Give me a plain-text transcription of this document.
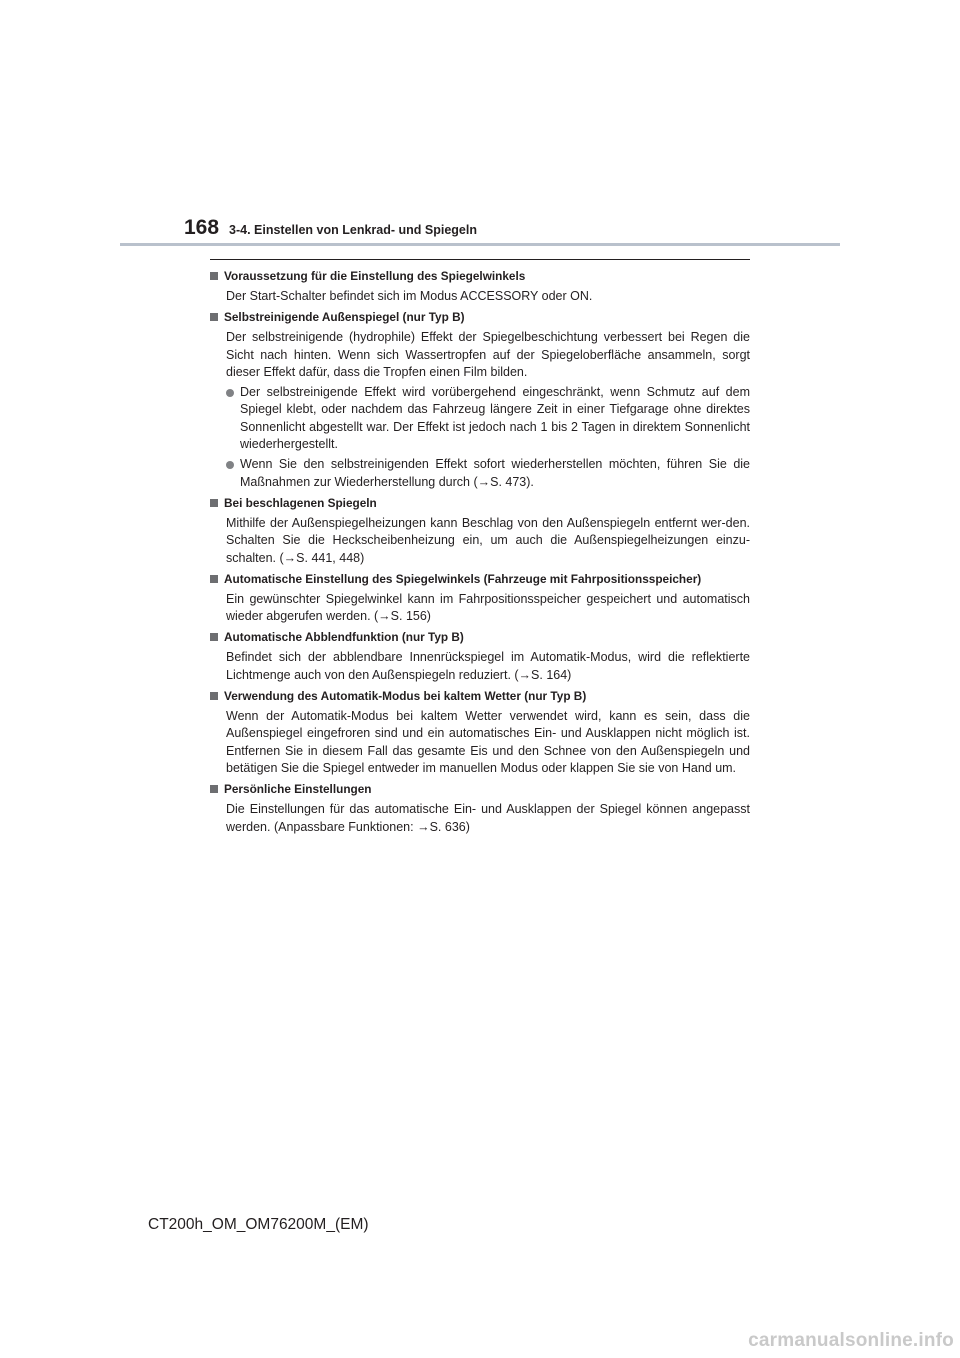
168 3-4. Einstellen von Lenkrad- und Spiegeln
Voraussetzung für die Einstellung des Spiegelwinkels

Der Start-Schalter befindet sich im Modus ACCESSORY oder ON.

Selbstreinigende Außenspiegel (nur Typ B)

Der selbstreinigende (hydrophile) Effekt der Spiegelbeschichtung verbessert bei Regen die Sicht nach hinten. Wenn sich Wassertropfen auf der Spiegeloberfläche ansammeln, sorgt dieser Effekt dafür, dass die Tropfen einen Film bilden.

Der selbstreinigende Effekt wird vorübergehend eingeschränkt, wenn Schmutz auf dem Spiegel klebt, oder nachdem das Fahrzeug längere Zeit in einer Tiefgarage ohne direktes Sonnenlicht abgestellt war. Der Effekt ist jedoch nach 1 bis 2 Tagen in direktem Sonnenlicht wiederhergestellt.
Wenn Sie den selbstreinigenden Effekt sofort wiederherstellen möchten, führen Sie die Maßnahmen zur Wiederherstellung durch (→S. 473).
Bei beschlagenen Spiegeln

Mithilfe der Außenspiegelheizungen kann Beschlag von den Außenspiegeln entfernt wer-den. Schalten Sie die Heckscheibenheizung ein, um auch die Außenspiegelheizungen einzu-schalten. (→S. 441, 448)

Automatische Einstellung des Spiegelwinkels (Fahrzeuge mit Fahrpositionsspeicher)

Ein gewünschter Spiegelwinkel kann im Fahrpositionsspeicher gespeichert und automatisch wieder abgerufen werden. (→S. 156)

Automatische Abblendfunktion (nur Typ B)

Befindet sich der abblendbare Innenrückspiegel im Automatik-Modus, wird die reflektierte Lichtmenge auch von den Außenspiegeln reduziert. (→S. 164)

Verwendung des Automatik-Modus bei kaltem Wetter (nur Typ B)

Wenn der Automatik-Modus bei kaltem Wetter verwendet wird, kann es sein, dass die Außenspiegel eingefroren sind und ein automatisches Ein- und Ausklappen nicht möglich ist. Entfernen Sie in diesem Fall das gesamte Eis und den Schnee von den Außenspiegeln und betätigen Sie die Spiegel entweder im manuellen Modus oder klappen Sie sie von Hand um.

Persönliche Einstellungen

Die Einstellungen für das automatische Ein- und Ausklappen der Spiegel können angepasst werden. (Anpassbare Funktionen: →S. 636)

CT200h_OM_OM76200M_(EM)
carmanualsonline.info
